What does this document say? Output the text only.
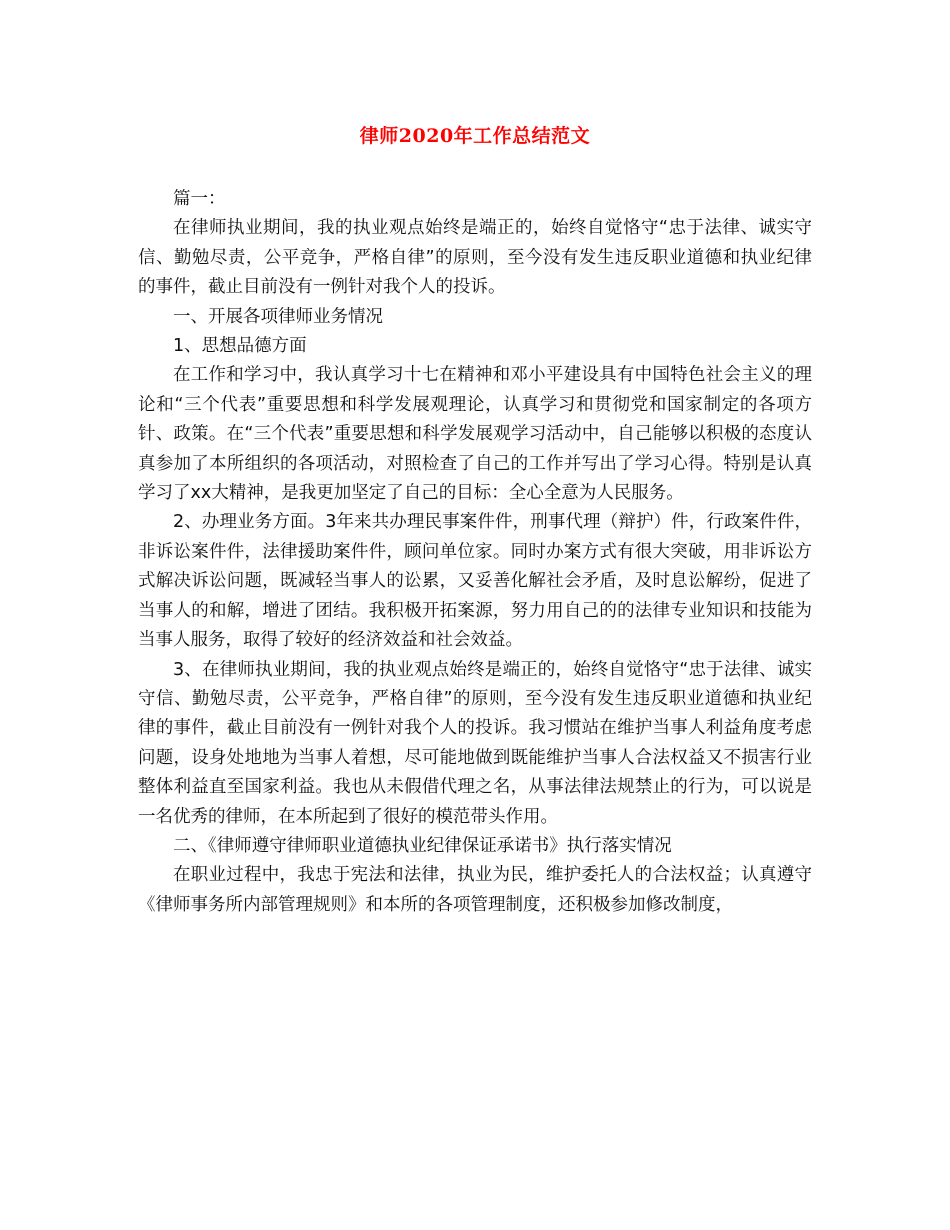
律师2020年工作总结范文

篇一：

在律师执业期间，我的执业观点始终是端正的，始终自觉恪守“忠于法律、诚实守信、勤勉尽责，公平竞争，严格自律”的原则，至今没有发生违反职业道德和执业纪律的事件，截止目前没有一例针对我个人的投诉。

一、开展各项律师业务情况

1、思想品德方面

在工作和学习中，我认真学习十七在精神和邓小平建设具有中国特色社会主义的理论和“三个代表”重要思想和科学发展观理论，认真学习和贯彻党和国家制定的各项方针、政策。在“三个代表”重要思想和科学发展观学习活动中，自己能够以积极的态度认真参加了本所组织的各项活动，对照检查了自己的工作并写出了学习心得。特别是认真学习了xx大精神，是我更加坚定了自己的目标：全心全意为人民服务。

2、办理业务方面。3年来共办理民事案件件，刑事代理（辩护）件，行政案件件，非诉讼案件件，法律援助案件件，顾问单位家。同时办案方式有很大突破，用非诉讼方式解决诉讼问题，既减轻当事人的讼累，又妥善化解社会矛盾，及时息讼解纷，促进了当事人的和解，增进了团结。我积极开拓案源，努力用自己的的法律专业知识和技能为当事人服务，取得了较好的经济效益和社会效益。

3、在律师执业期间，我的执业观点始终是端正的，始终自觉恪守“忠于法律、诚实守信、勤勉尽责，公平竞争，严格自律”的原则，至今没有发生违反职业道德和执业纪律的事件，截止目前没有一例针对我个人的投诉。我习惯站在维护当事人利益角度考虑问题，设身处地地为当事人着想，尽可能地做到既能维护当事人合法权益又不损害行业整体利益直至国家利益。我也从未假借代理之名，从事法律法规禁止的行为，可以说是一名优秀的律师，在本所起到了很好的模范带头作用。

二、《律师遵守律师职业道德执业纪律保证承诺书》执行落实情况

在职业过程中，我忠于宪法和法律，执业为民，维护委托人的合法权益；认真遵守《律师事务所内部管理规则》和本所的各项管理制度，还积极参加修改制度，
